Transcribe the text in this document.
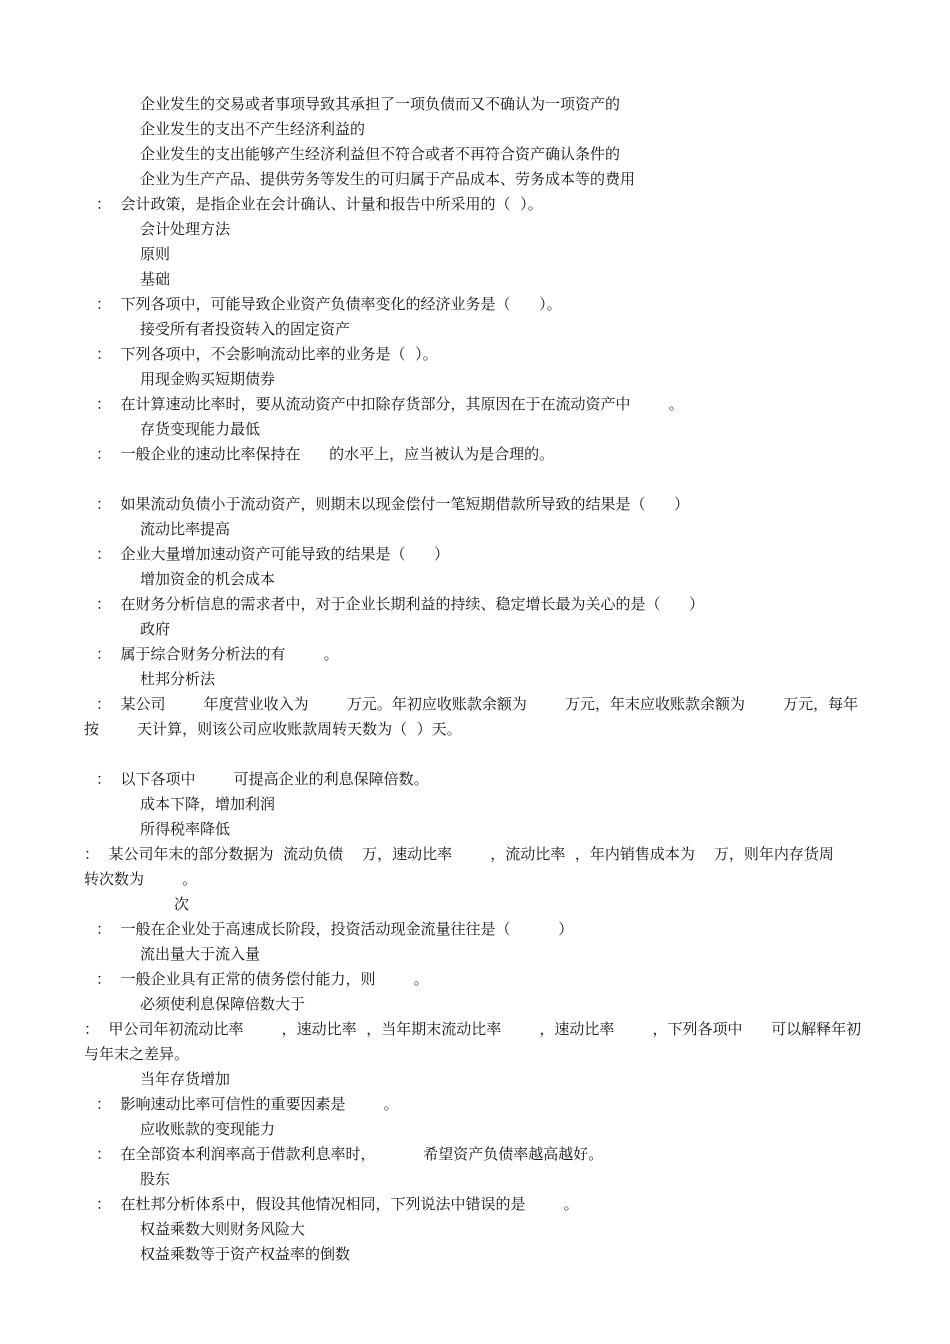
企业发生的交易或者事项导致其承担了一项负债而又不确认为一项资产的
企业发生的支出不产生经济利益的
企业发生的支出能够产生经济利益但不符合或者不再符合资产确认条件的
企业为生产产品、提供劳务等发生的可归属于产品成本、劳务成本等的费用
：  会计政策，是指企业在会计确认、计量和报告中所采用的（  ）。
会计处理方法
原则
基础
：  下列各项中，可能导致企业资产负债率变化的经济业务是（      ）。
接受所有者投资转入的固定资产
：  下列各项中，不会影响流动比率的业务是（  ）。
用现金购买短期债券
：  在计算速动比率时，要从流动资产中扣除存货部分，其原因在于在流动资产中        。
存货变现能力最低
：  一般企业的速动比率保持在      的水平上，应当被认为是合理的。
：  如果流动负债小于流动资产，则期末以现金偿付一笔短期借款所导致的结果是（      ）
流动比率提高
：  企业大量增加速动资产可能导致的结果是（      ）
增加资金的机会成本
：  在财务分析信息的需求者中，对于企业长期利益的持续、稳定增长最为关心的是（      ）
政府
：  属于综合财务分析法的有        。
杜邦分析法
：  某公司        年度营业收入为        万元。年初应收账款余额为        万元，年末应收账款余额为        万元，每年
按        天计算，则该公司应收账款周转天数为（  ）天。
：  以下各项中        可提高企业的利息保障倍数。
成本下降，增加利润
所得税率降低
：  某公司年末的部分数据为  流动负债    万，速动比率        ，流动比率  ，年内销售成本为    万，则年内存货周
转次数为        。
次
：  一般在企业处于高速成长阶段，投资活动现金流量往往是（          ）
流出量大于流入量
：  一般企业具有正常的债务偿付能力，则        。
必须使利息保障倍数大于
：  甲公司年初流动比率        ，速动比率  ，当年期末流动比率        ，速动比率        ，下列各项中      可以解释年初
与年末之差异。
当年存货增加
：  影响速动比率可信性的重要因素是        。
应收账款的变现能力
：  在全部资本利润率高于借款利息率时，          希望资产负债率越高越好。
股东
：  在杜邦分析体系中，假设其他情况相同，下列说法中错误的是        。
权益乘数大则财务风险大
权益乘数等于资产权益率的倒数
